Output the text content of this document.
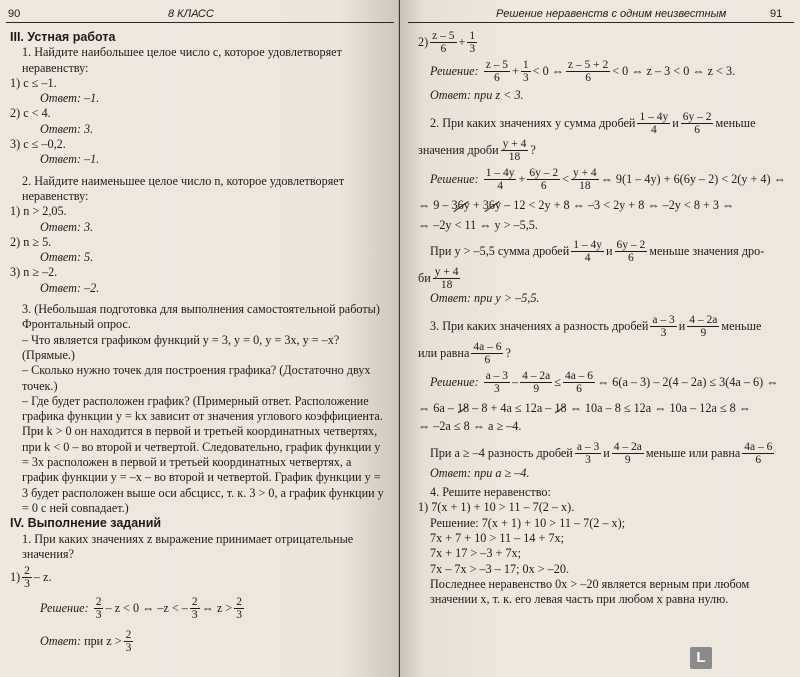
90	8 КЛАСС

III. Устная работа

1. Найдите наибольшее целое число c, которое удовлетворяет неравенству:

1) c ≤ –1.

Ответ: –1.

2) c < 4.

Ответ: 3.

3) c ≤ –0,2.

Ответ: –1.

2. Найдите наименьшее целое число n, которое удовлетворяет неравенству:

1) n > 2,05.

Ответ: 3.

2) n ≥ 5.

Ответ: 5.

3) n ≥ –2.

Ответ: –2.

3. (Небольшая подготовка для выполнения самостоятельной работы) Фронтальный опрос.

– Что является графиком функций y = 3, y = 0, y = 3x, y = –x? (Прямые.)

– Сколько нужно точек для построения графика? (Достаточно двух точек.)

– Где будет расположен график? (Примерный ответ. Расположение графика функции y = kx зависит от значения углового коэффициента. При k > 0 он находится в первой и третьей координатных четвертях, при k < 0 – во второй и четвертой. Следовательно, график функции y = 3x расположен в первой и третьей координатных четвертях, а график функции y = –x – во второй и четвертой. График функции y = 3 будет расположен выше оси абсцисс, т. к. 3 > 0, а график функции y = 0 с ней совпадает.)

IV. Выполнение заданий

1. При каких значениях z выражение принимает отрицательные значения?

$1) \frac{2}{3}$ – z.
Решение:
$\frac{2}{3} - z < 0$ ⇔ –z < – $\frac{2}{3}$ ⇔ $z > \frac{2}{3}$
Ответ:
при $z > \frac{2}{3}$
Решение неравенств с одним неизвестным	91
$2) \frac{z - 5}{6} + \frac{1}{3}$
Решение:
$\frac{z - 5}{6} + \frac{1}{3} < 0$ ⇔ $\frac{z - 5 + 2}{6} < 0$ ⇔ z – 3 < 0 ⇔ z < 3.

Ответ: при z < 3.

2. При каких значениях y сумма дробей $\frac{1 - 4y}{4}$ и $\frac{6y - 2}{6}$ меньше
значения дроби $\frac{y + 4}{18}$ ?
Решение:
$\frac{1 - 4y}{4} + \frac{6y - 2}{6} < \frac{y + 4}{18}$ ⇔ 9(1 – 4y) + 6(6y – 2) < 2(y + 4) ⇔
⇔ 9 –
36y
+
36y
– 12 < 2y + 8 ⇔ –3 < 2y + 8 ⇔ –2y < 8 + 3 ⇔

⇔ –2y < 11 ⇔ y > –5,5.

При y > –5,5 сумма дробей $\frac{1 - 4y}{4}$ и $\frac{6y - 2}{6}$ меньше значения дро-
би $\frac{y + 4}{18}$

Ответ: при y > –5,5.

3. При каких значениях a разность дробей $\frac{a - 3}{3}$ и $\frac{4 - 2a}{9}$ меньше
или равна $\frac{4a - 6}{6}$ ?
Решение:
$\frac{a - 3}{3} - \frac{4 - 2a}{9} \le \frac{4a - 6}{6}$ ⇔ 6(a – 3) – 2(4 – 2a) ≤ 3(4a – 6) ⇔
⇔ 6a –
18
– 8 + 4a ≤ 12a –
18
⇔ 10a – 8 ≤ 12a ⇔ 10a – 12a ≤ 8 ⇔

⇔ –2a ≤ 8 ⇔ a ≥ –4.

При a ≥ –4 разность дробей $\frac{a - 3}{3}$ и $\frac{4 - 2a}{9}$ меньше или равна $\frac{4a - 6}{6}$

Ответ: при a ≥ –4.

4. Решите неравенство:

1) 7(x + 1) + 10 > 11 – 7(2 – x).

Решение: 7(x + 1) + 10 > 11 – 7(2 – x);

7x + 7 + 10 > 11 – 14 + 7x;

7x + 17 > –3 + 7x;

7x – 7x > –3 – 17; 0x > –20.

Последнее неравенство 0x > –20 является верным при любом значении x, т. к. его левая часть при любом x равна нулю.

L
